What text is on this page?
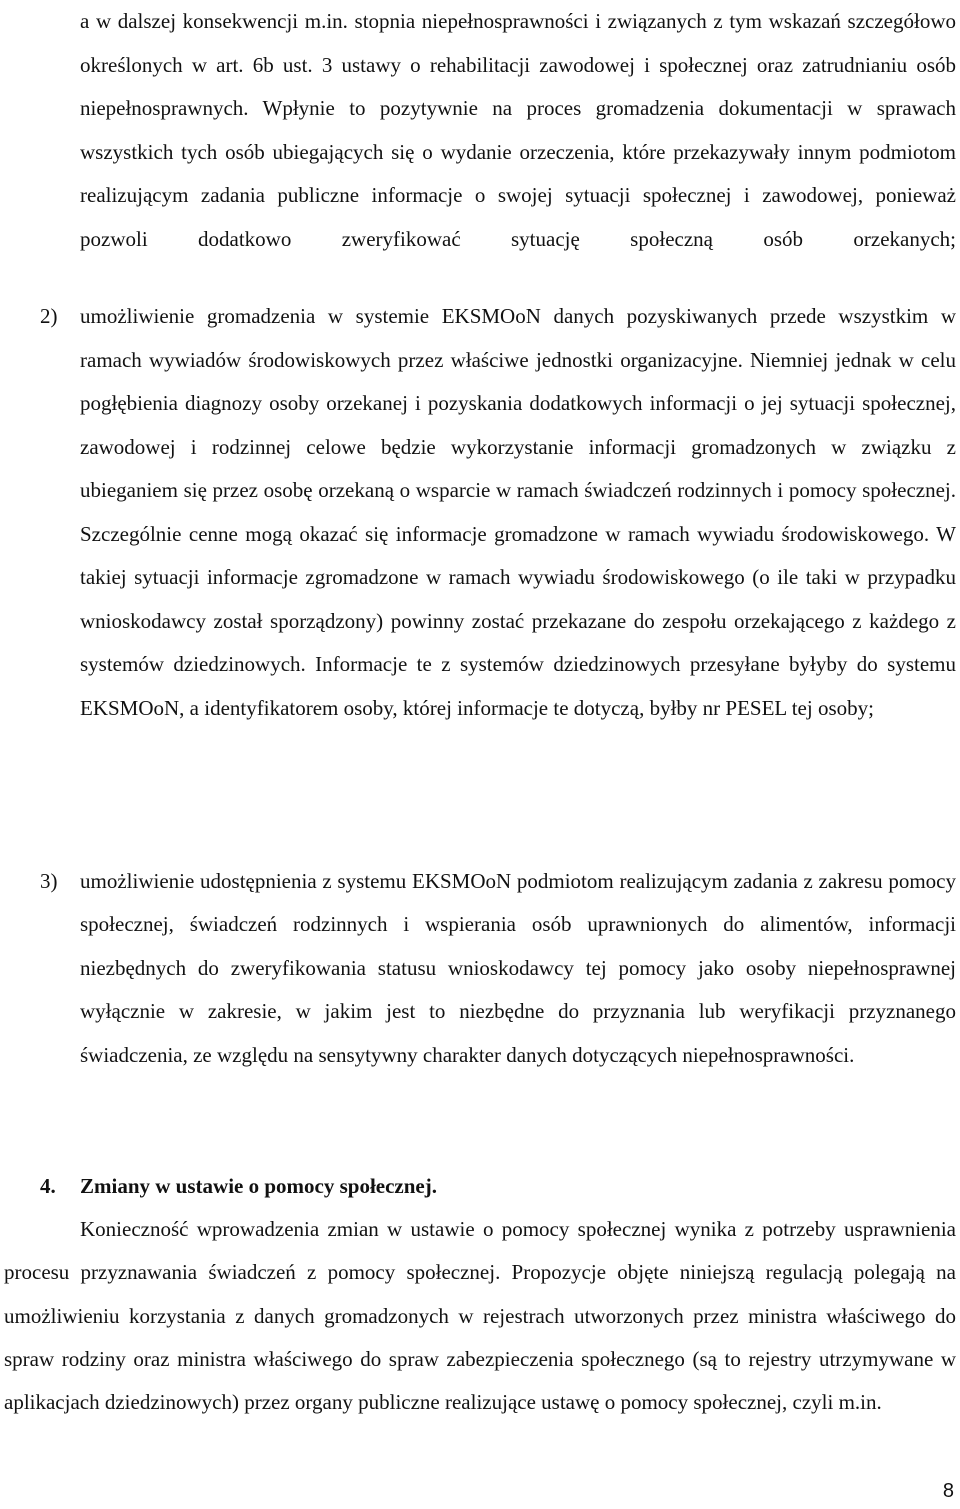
a w dalszej konsekwencji m.in. stopnia niepełnosprawności i związanych z tym wskazań szczegółowo określonych w art. 6b ust. 3 ustawy o rehabilitacji zawodowej i społecznej oraz zatrudnianiu osób niepełnosprawnych. Wpłynie to pozytywnie na proces gromadzenia dokumentacji w sprawach wszystkich tych osób ubiegających się o wydanie orzeczenia, które przekazywały innym podmiotom realizującym zadania publiczne informacje o swojej sytuacji społecznej i zawodowej, ponieważ pozwoli dodatkowo zweryfikować sytuację społeczną osób orzekanych;
2) umożliwienie gromadzenia w systemie EKSMOoN danych pozyskiwanych przede wszystkim w ramach wywiadów środowiskowych przez właściwe jednostki organizacyjne. Niemniej jednak w celu pogłębienia diagnozy osoby orzekanej i pozyskania dodatkowych informacji o jej sytuacji społecznej, zawodowej i rodzinnej celowe będzie wykorzystanie informacji gromadzonych w związku z ubieganiem się przez osobę orzekaną o wsparcie w ramach świadczeń rodzinnych i pomocy społecznej. Szczególnie cenne mogą okazać się informacje gromadzone w ramach wywiadu środowiskowego. W takiej sytuacji informacje zgromadzone w ramach wywiadu środowiskowego (o ile taki w przypadku wnioskodawcy został sporządzony) powinny zostać przekazane do zespołu orzekającego z każdego z systemów dziedzinowych. Informacje te z systemów dziedzinowych przesyłane byłyby do systemu EKSMOoN, a identyfikatorem osoby, której informacje te dotyczą, byłby nr PESEL tej osoby;
3) umożliwienie udostępnienia z systemu EKSMOoN podmiotom realizującym zadania z zakresu pomocy społecznej, świadczeń rodzinnych i wspierania osób uprawnionych do alimentów, informacji niezbędnych do zweryfikowania statusu wnioskodawcy tej pomocy jako osoby niepełnosprawnej wyłącznie w zakresie, w jakim jest to niezbędne do przyznania lub weryfikacji przyznanego świadczenia, ze względu na sensytywny charakter danych dotyczących niepełnosprawności.
4. Zmiany w ustawie o pomocy społecznej.
Konieczność wprowadzenia zmian w ustawie o pomocy społecznej wynika z potrzeby usprawnienia procesu przyznawania świadczeń z pomocy społecznej. Propozycje objęte niniejszą regulacją polegają na umożliwieniu korzystania z danych gromadzonych w rejestrach utworzonych przez ministra właściwego do spraw rodziny oraz ministra właściwego do spraw zabezpieczenia społecznego (są to rejestry utrzymywane w aplikacjach dziedzinowych) przez organy publiczne realizujące ustawę o pomocy społecznej, czyli m.in.
8
